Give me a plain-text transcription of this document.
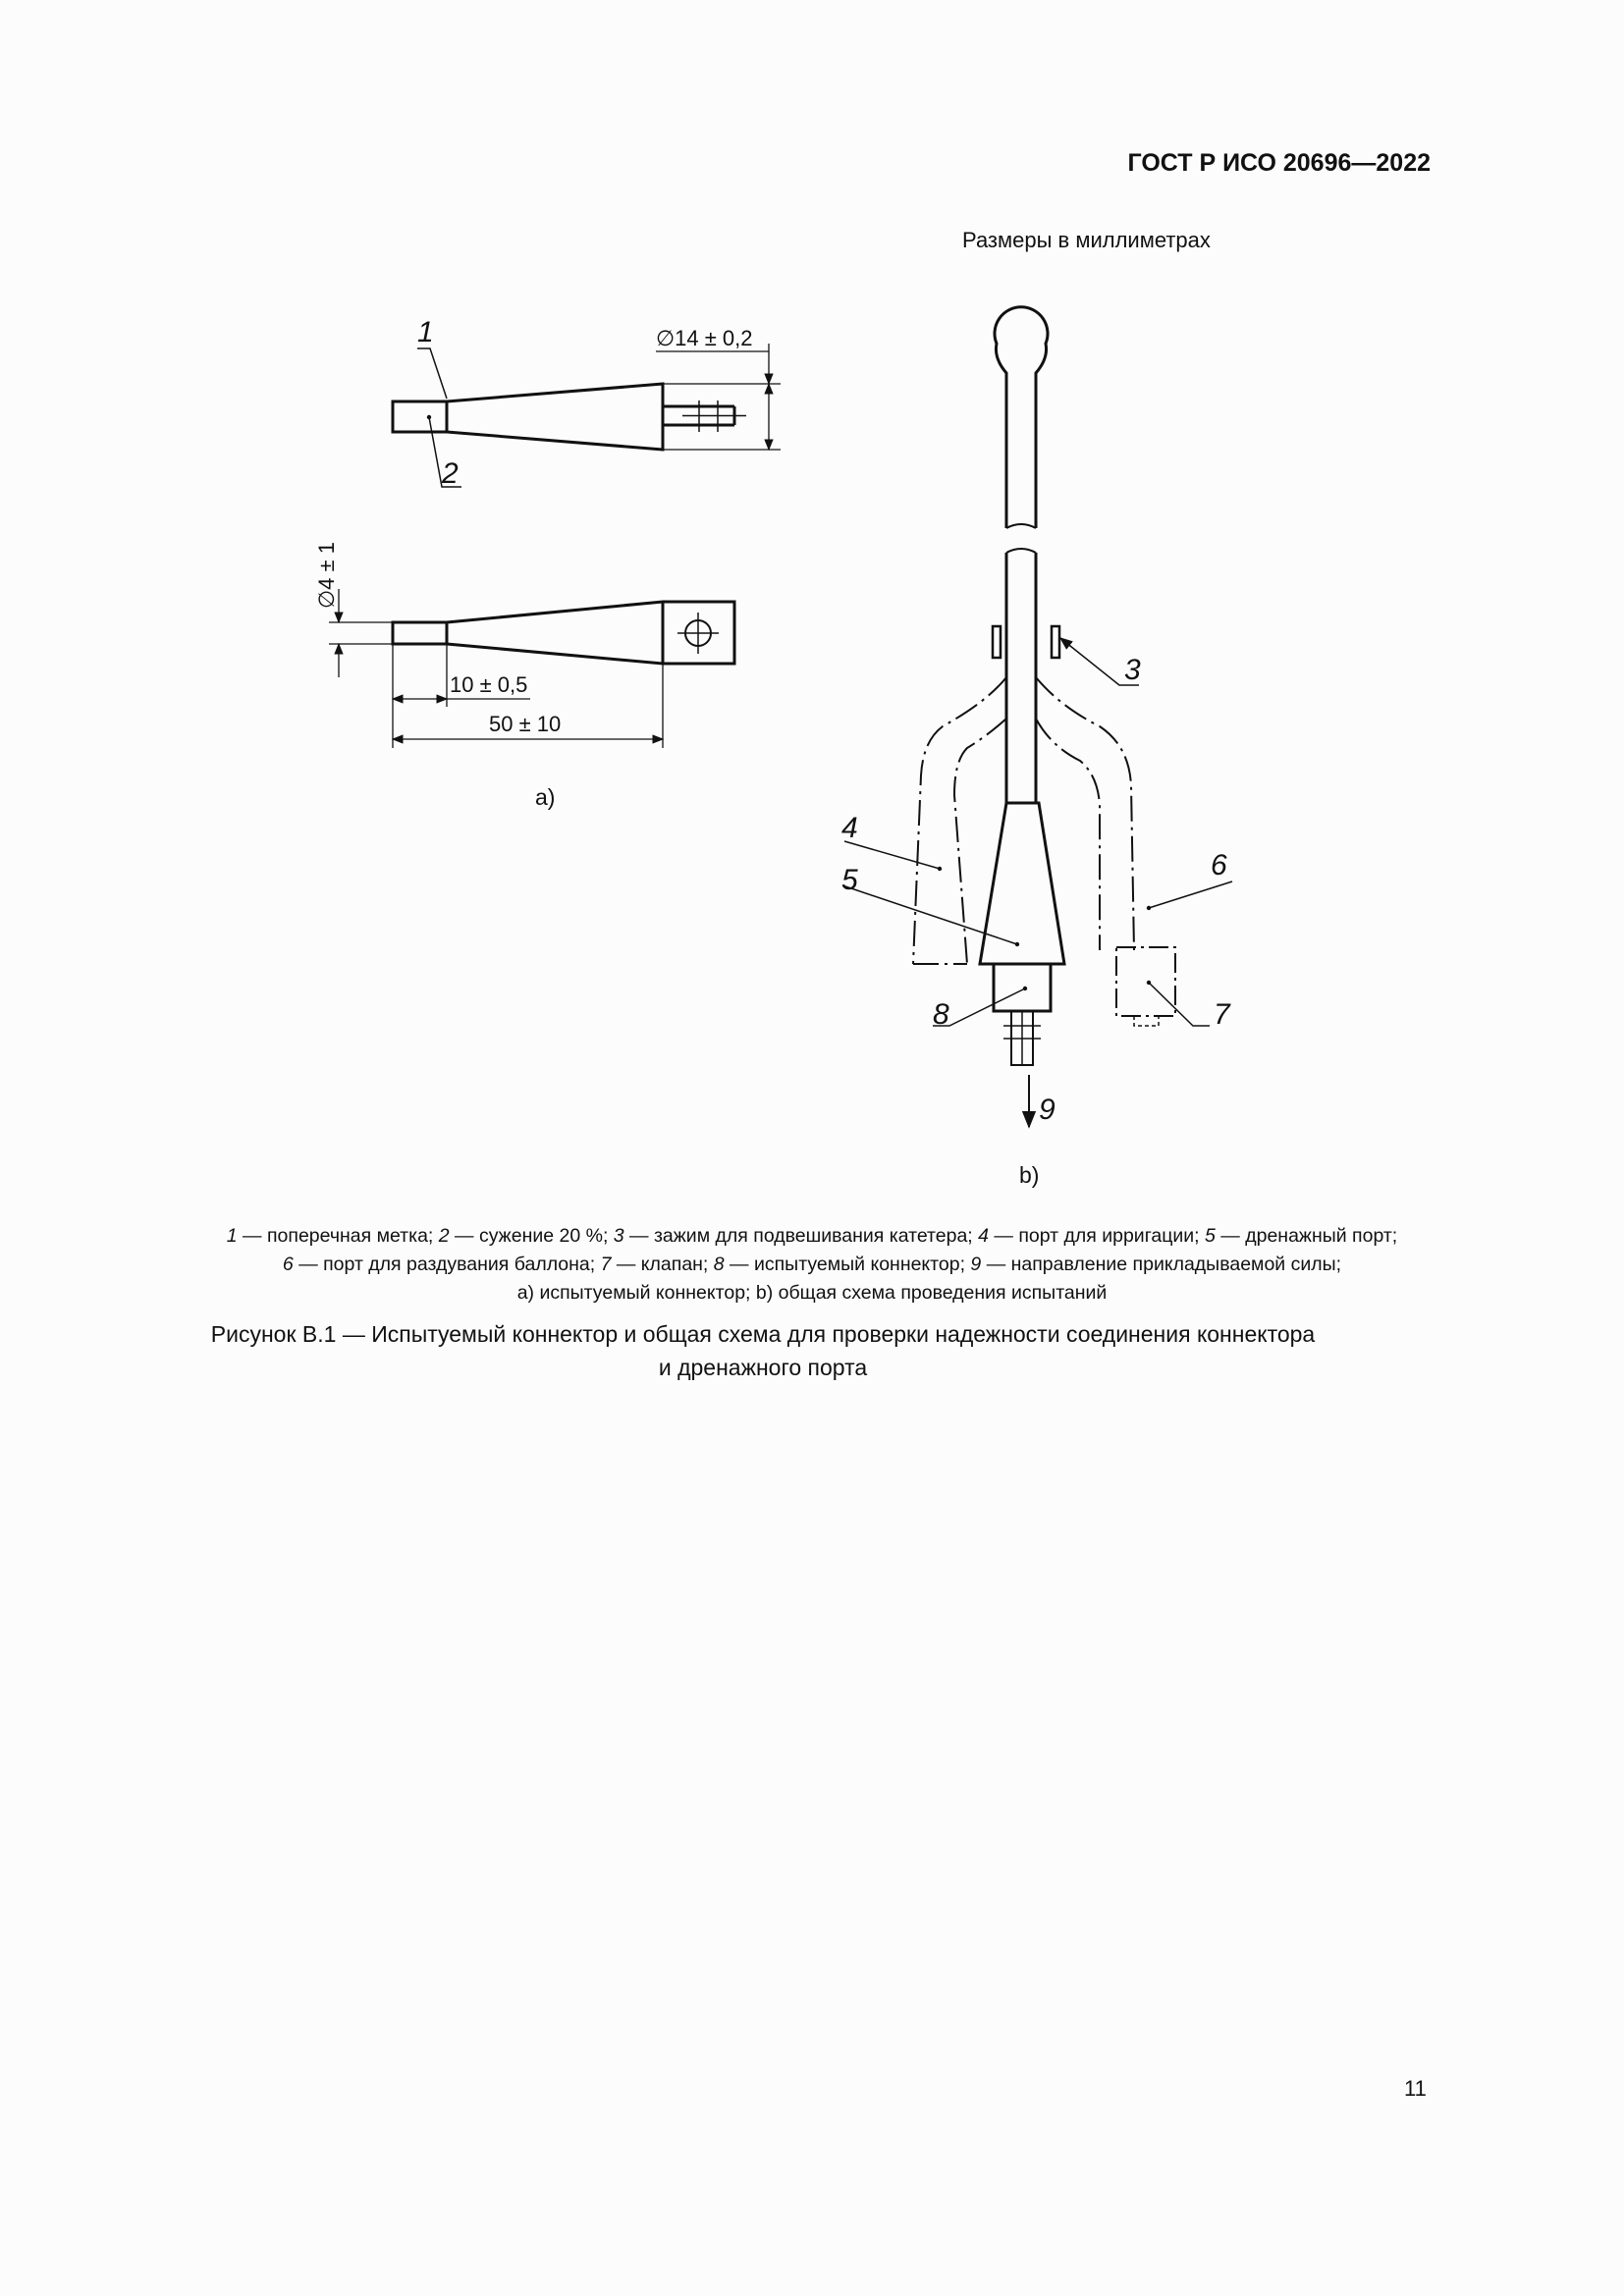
ГОСТ Р ИСО 20696—2022
Размеры в миллиметрах
∅14 ± 0,2
1
2
∅4 ± 1
10 ± 0,5
50 ± 10
а)
3
4
5	6
7
8
9
b)
1 — поперечная метка; 2 — сужение 20 %; 3 — зажим для подвешивания катетера; 4 — порт для ирригации; 5 — дренажный порт;
6 — порт для раздувания баллона; 7 — клапан; 8 — испытуемый коннектор; 9 — направление прикладываемой силы;
а) испытуемый коннектор; b) общая схема проведения испытаний
Рисунок В.1 — Испытуемый коннектор и общая схема для проверки надежности соединения коннектора
и дренажного порта
11
